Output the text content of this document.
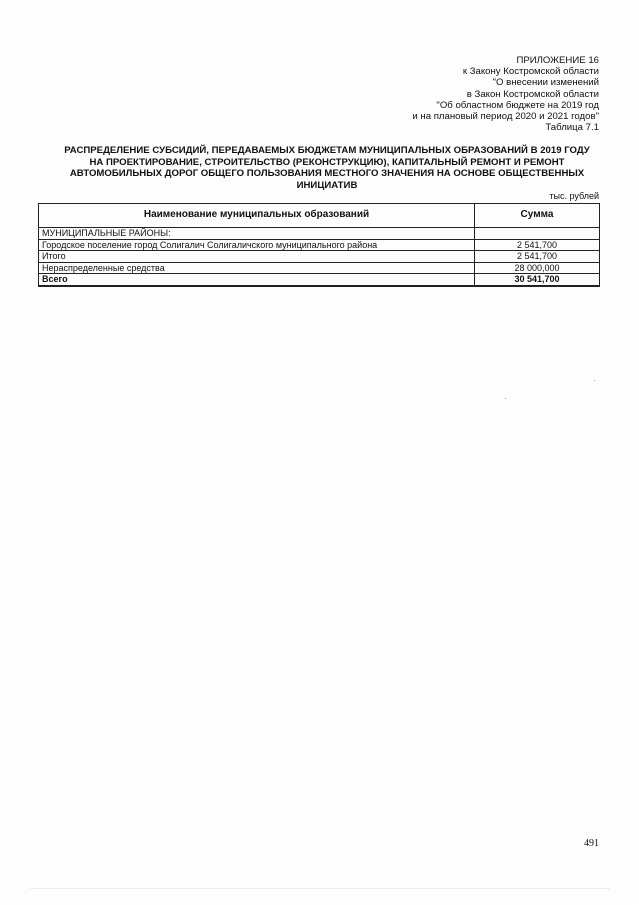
ПРИЛОЖЕНИЕ 16
к Закону Костромской области
"О внесении изменений
в Закон Костромской области
"Об областном бюджете на 2019 год
и на плановый период 2020 и 2021 годов"
Таблица 7.1
РАСПРЕДЕЛЕНИЕ СУБСИДИЙ, ПЕРЕДАВАЕМЫХ БЮДЖЕТАМ МУНИЦИПАЛЬНЫХ ОБРАЗОВАНИЙ В 2019 ГОДУ
НА ПРОЕКТИРОВАНИЕ, СТРОИТЕЛЬСТВО (РЕКОНСТРУКЦИЮ), КАПИТАЛЬНЫЙ РЕМОНТ И РЕМОНТ
АВТОМОБИЛЬНЫХ ДОРОГ ОБЩЕГО ПОЛЬЗОВАНИЯ МЕСТНОГО ЗНАЧЕНИЯ НА ОСНОВЕ ОБЩЕСТВЕННЫХ
ИНИЦИАТИВ
тыс. рублей
Наименование муниципальных образований	Сумма
МУНИЦИПАЛЬНЫЕ РАЙОНЫ:	
Городское поселение город Солигалич Солигаличского муниципального района	2 541,700
Итого	2 541,700
Нераспределенные средства	28 000,000
Всего	30 541,700
491
